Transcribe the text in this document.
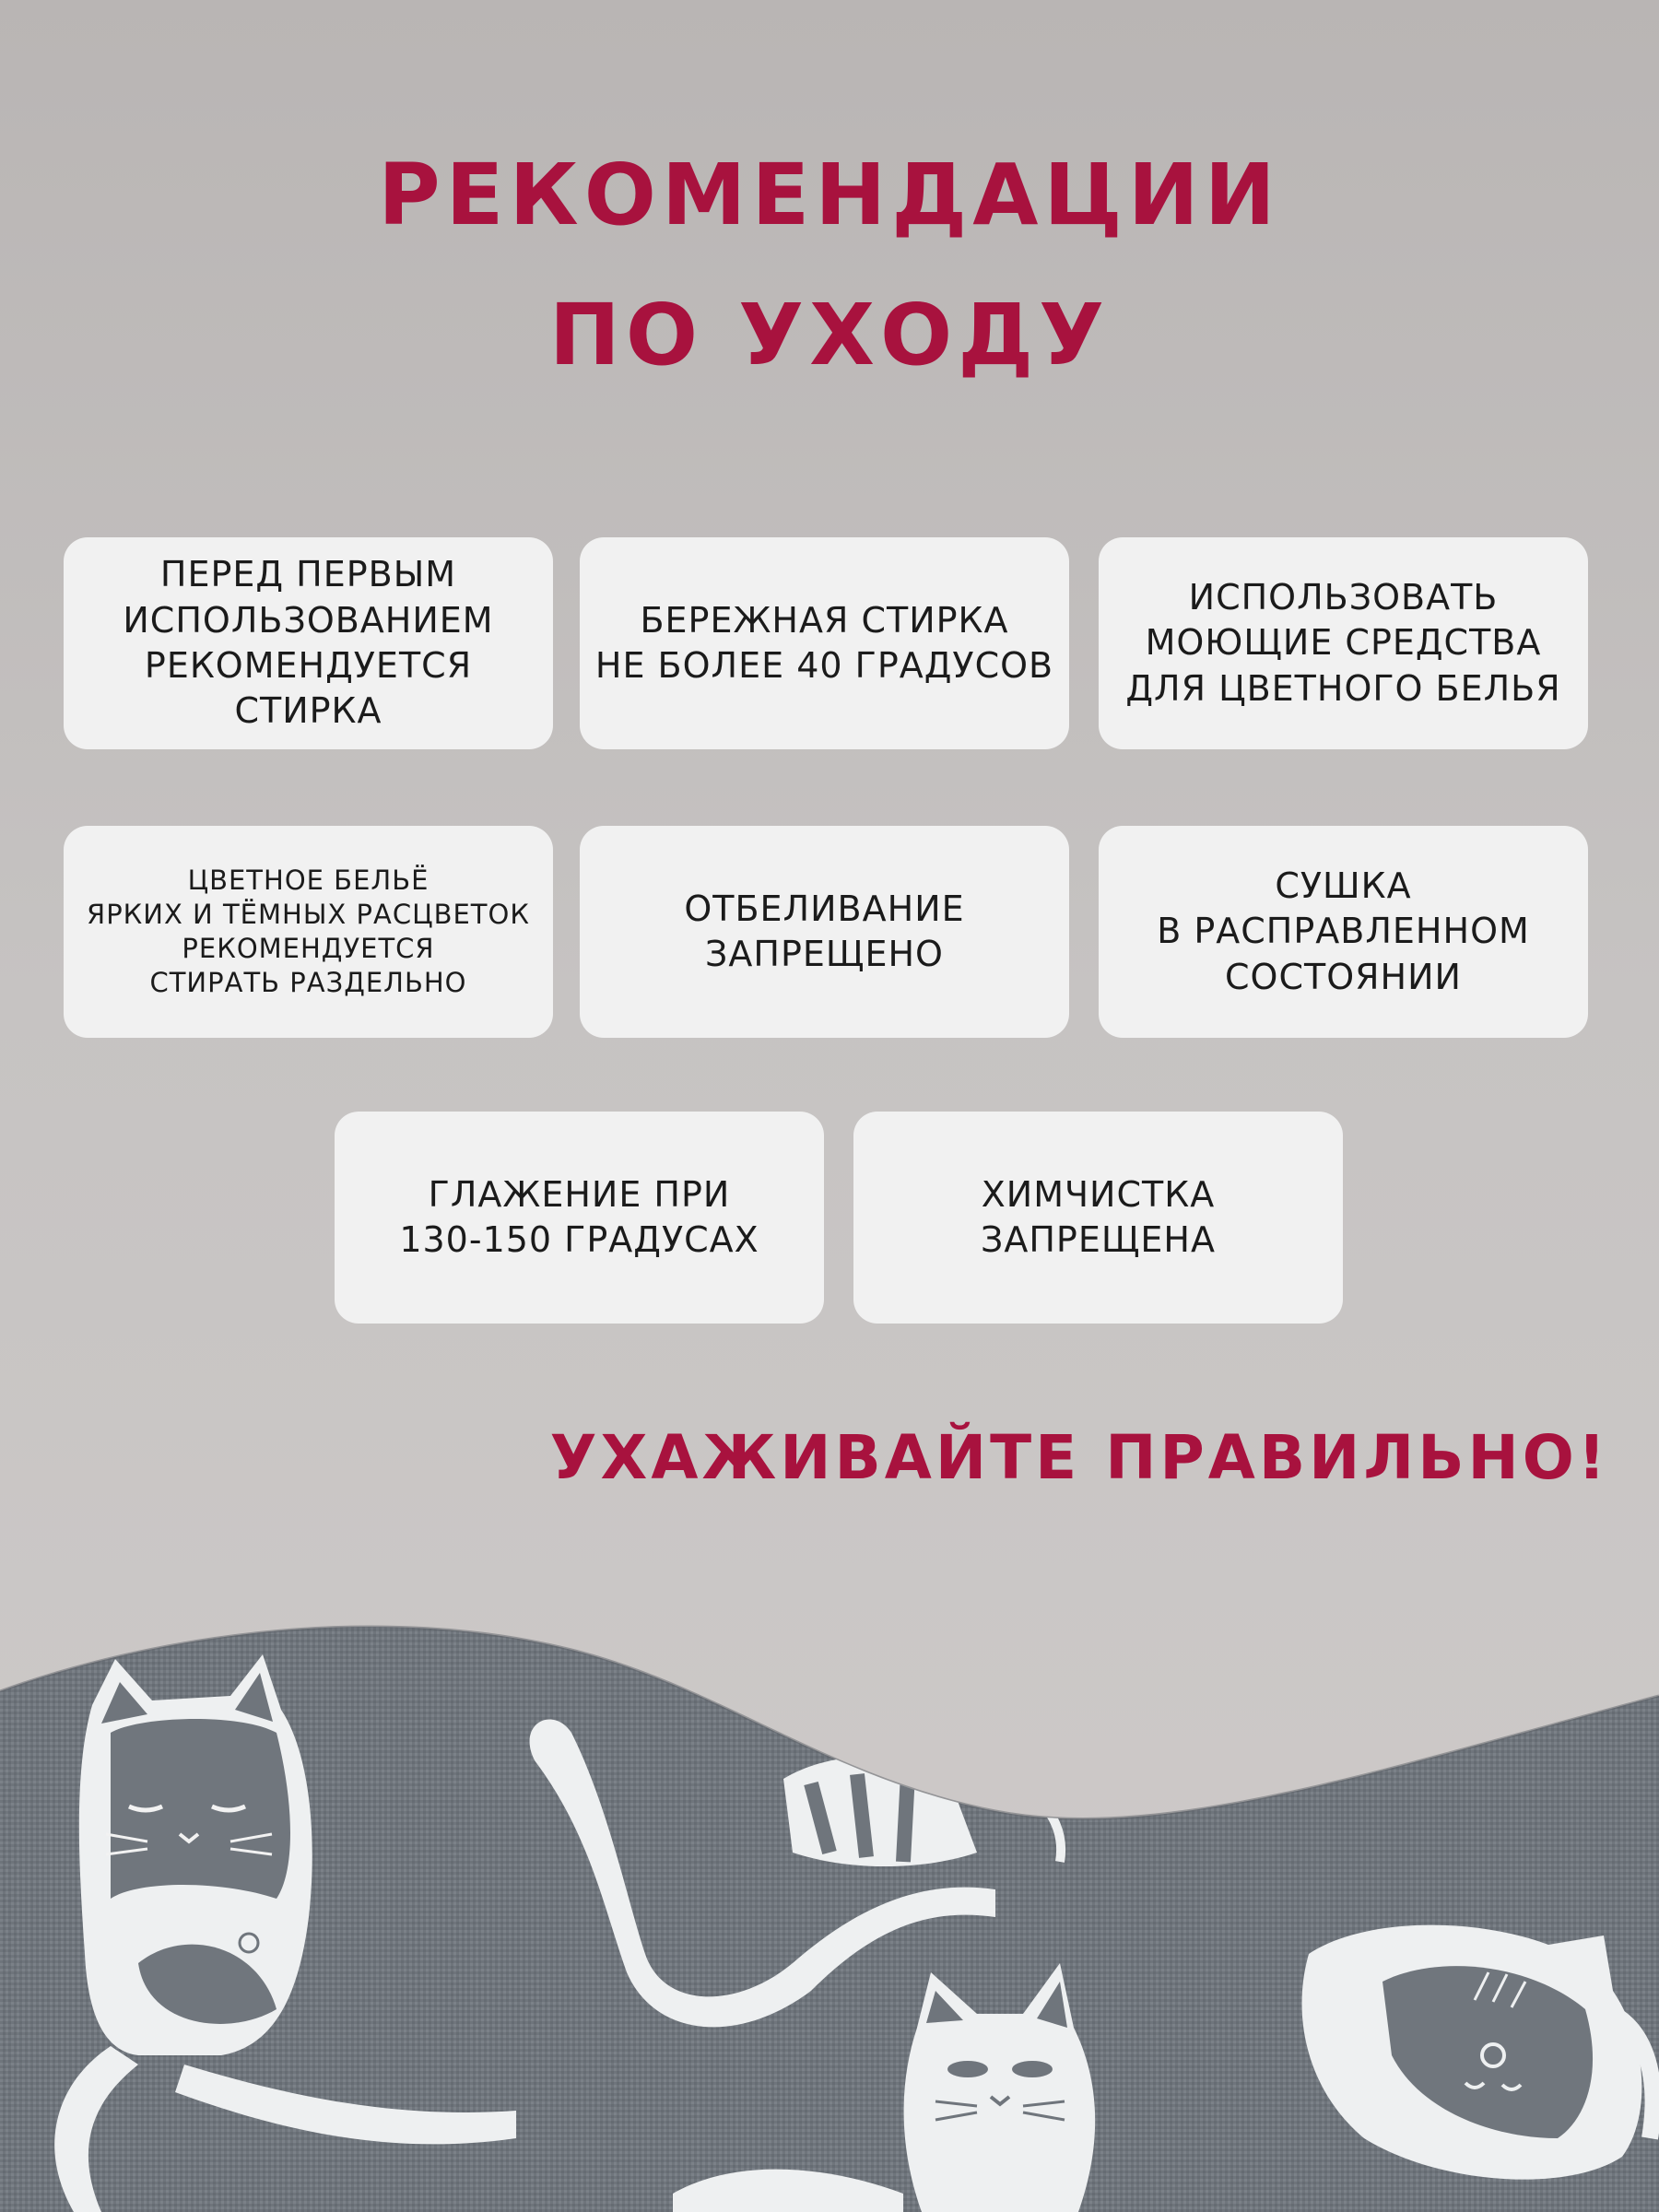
РЕКОМЕНДАЦИИ
ПО УХОДУ
ПЕРЕД ПЕРВЫМ
ИСПОЛЬЗОВАНИЕМ
РЕКОМЕНДУЕТСЯ СТИРКА
БЕРЕЖНАЯ СТИРКА
НЕ БОЛЕЕ 40 ГРАДУСОВ
ИСПОЛЬЗОВАТЬ
МОЮЩИЕ СРЕДСТВА
ДЛЯ ЦВЕТНОГО БЕЛЬЯ
ЦВЕТНОЕ БЕЛЬЁ
ЯРКИХ И ТЁМНЫХ РАСЦВЕТОК
РЕКОМЕНДУЕТСЯ
СТИРАТЬ РАЗДЕЛЬНО
ОТБЕЛИВАНИЕ
ЗАПРЕЩЕНО
СУШКА
В РАСПРАВЛЕННОМ
СОСТОЯНИИ
ГЛАЖЕНИЕ ПРИ
130-150 ГРАДУСАХ
ХИМЧИСТКА
ЗАПРЕЩЕНА

УХАЖИВАЙТЕ ПРАВИЛЬНО!
